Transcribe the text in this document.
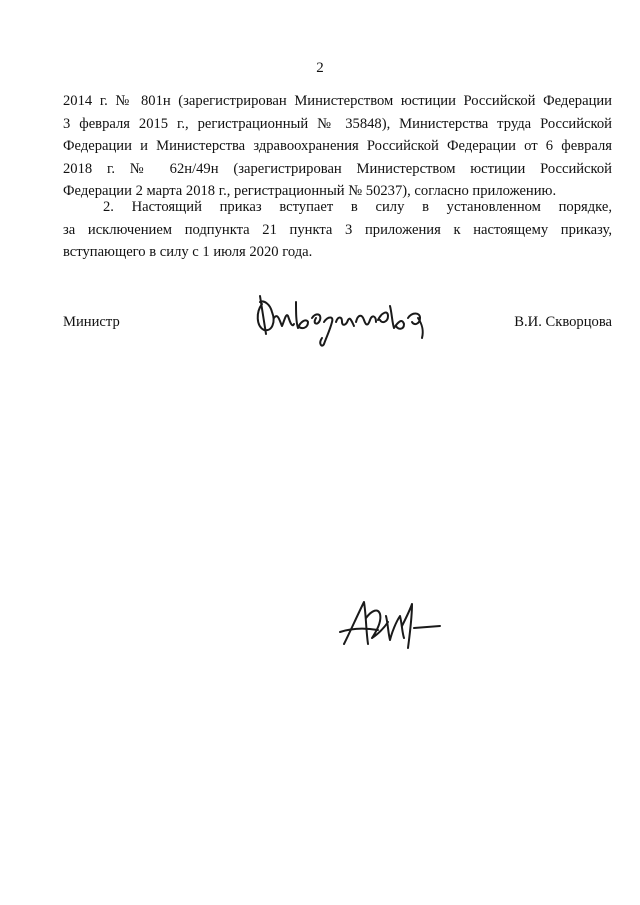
2
2014 г. № 801н (зарегистрирован Министерством юстиции Российской Федерации
3 февраля 2015 г., регистрационный № 35848), Министерства труда Российской
Федерации и Министерства здравоохранения Российской Федерации от 6 февраля
2018 г. № 62н/49н (зарегистрирован Министерством юстиции Российской
Федерации 2 марта 2018 г., регистрационный № 50237), согласно приложению.
2. Настоящий приказ вступает в силу в установленном порядке,
за исключением подпункта 21 пункта 3 приложения к настоящему приказу,
вступающего в силу с 1 июля 2020 года.
Министр	В.И. Скворцова
